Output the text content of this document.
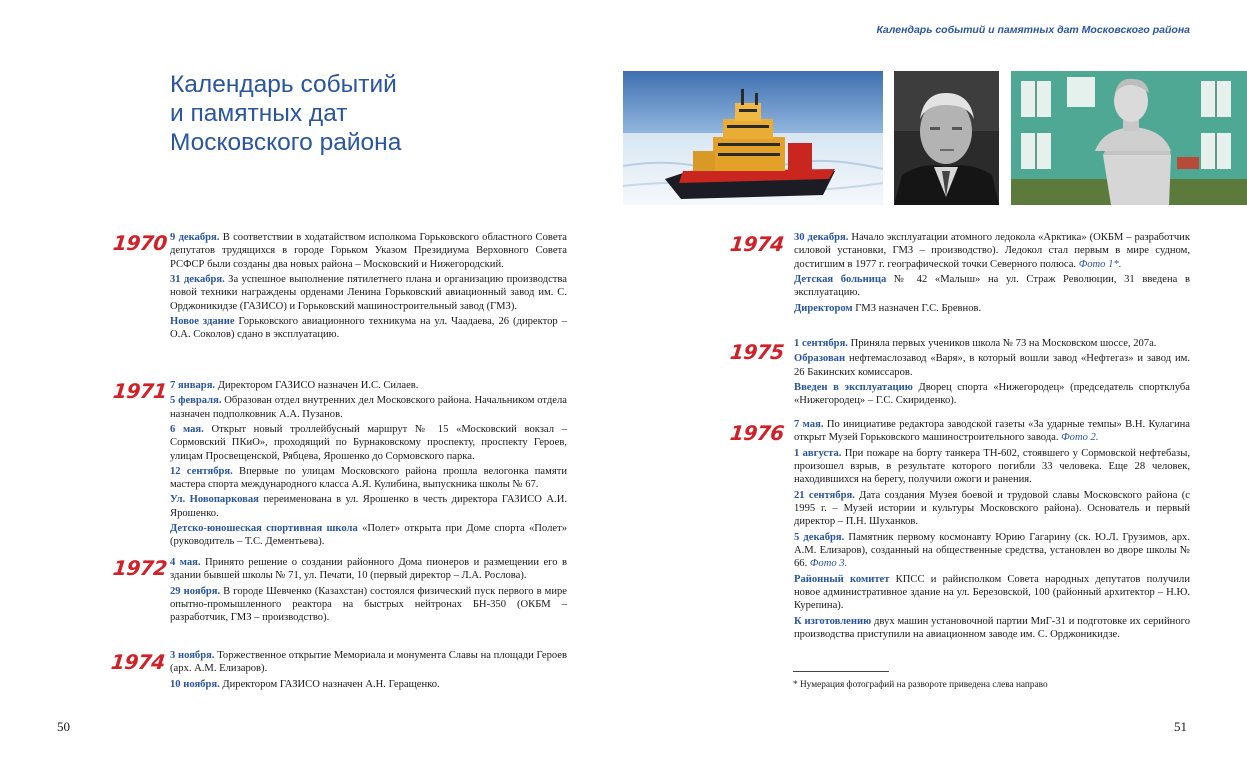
Календарь событий и памятных дат Московского района
Календарь событий
и памятных дат
Московского района
1970 9 декабря. В соответствии в ходатайством исполкома Горьковского областного Совета депутатов трудящихся в городе Горьком Указом Президиума Верховного Совета РСФСР были созданы два новых района – Московский и Нижегородский.

31 декабря. За успешное выполнение пятилетнего плана и организацию производства новой техники награждены орденами Ленина Горьковский авиационный завод им. С. Орджоникидзе (ГАЗИСО) и Горьковский машиностроительный завод (ГМЗ).

Новое здание Горьковского авиационного техникума на ул. Чаадаева, 26 (директор – О.А. Соколов) сдано в эксплуатацию.

1971 7 января. Директором ГАЗИСО назначен И.С. Силаев.

5 февраля. Образован отдел внутренних дел Московского района. Начальником отдела назначен подполковник А.А. Пузанов.

6 мая. Открыт новый троллейбусный маршрут № 15 «Московский вокзал – Сормовский ПКиО», проходящий по Бурнаковскому проспекту, проспекту Героев, улицам Просвещенской, Рябцева, Ярошенко до Сормовского парка.

12 сентября. Впервые по улицам Московского района прошла велогонка памяти мастера спорта международного класса А.Я. Кулибина, выпускника школы № 67.

Ул. Новопарковая переименована в ул. Ярошенко в честь директора ГАЗИСО А.И. Ярошенко.

Детско-юношеская спортивная школа «Полет» открыта при Доме спорта «Полет» (руководитель – Т.С. Дементьева).

1972 4 мая. Принято решение о создании районного Дома пионеров и размещении его в здании бывшей школы № 71, ул. Печати, 10 (первый директор – Л.А. Рослова).

29 ноября. В городе Шевченко (Казахстан) состоялся физический пуск первого в мире опытно-промышленного реактора на быстрых нейтронах БН-350 (ОКБМ – разработчик, ГМЗ – производство).

1974 3 ноября. Торжественное открытие Мемориала и монумента Славы на площади Героев (арх. А.М. Елизаров).

10 ноября. Директором ГАЗИСО назначен А.Н. Геращенко.

1974 30 декабря. Начало эксплуатации атомного ледокола «Арктика» (ОКБМ – разработчик силовой установки, ГМЗ – производство). Ледокол стал первым в мире судном, достигшим в 1977 г. географической точки Северного полюса. Фото 1*.

Детская больница № 42 «Малыш» на ул. Страж Революции, 31 введена в эксплуатацию.

Директором ГМЗ назначен Г.С. Бревнов.

1975 1 сентября. Приняла первых учеников школа № 73 на Московском шоссе, 207а.

Образован нефтемаслозавод «Варя», в который вошли завод «Нефтегаз» и завод им. 26 Бакинских комиссаров.

Введен в эксплуатацию Дворец спорта «Нижегородец» (председатель спортклуба «Нижегородец» – Г.С. Скириденко).

1976 7 мая. По инициативе редактора заводской газеты «За ударные темпы» В.Н. Кулагина открыт Музей Горьковского машиностроительного завода. Фото 2.

1 августа. При пожаре на борту танкера ТН-602, стоявшего у Сормовской нефтебазы, произошел взрыв, в результате которого погибли 33 человека. Еще 28 человек, находившихся на берегу, получили ожоги и ранения.

21 сентября. Дата создания Музея боевой и трудовой славы Московского района (с 1995 г. – Музей истории и культуры Московского района). Основатель и первый директор – П.Н. Шуханков.

5 декабря. Памятник первому космонавту Юрию Гагарину (ск. Ю.Л. Грузимов, арх. А.М. Елизаров), созданный на общественные средства, установлен во дворе школы № 66. Фото 3.

Районный комитет КПСС и райисполком Совета народных депутатов получили новое административное здание на ул. Березовской, 100 (районный архитектор – Н.Ю. Курепина).

К изготовлению двух машин установочной партии МиГ-31 и подготовке их серийного производства приступили на авиационном заводе им. С. Орджоникидзе.

* Нумерация фотографий на развороте приведена слева направо
50	51
